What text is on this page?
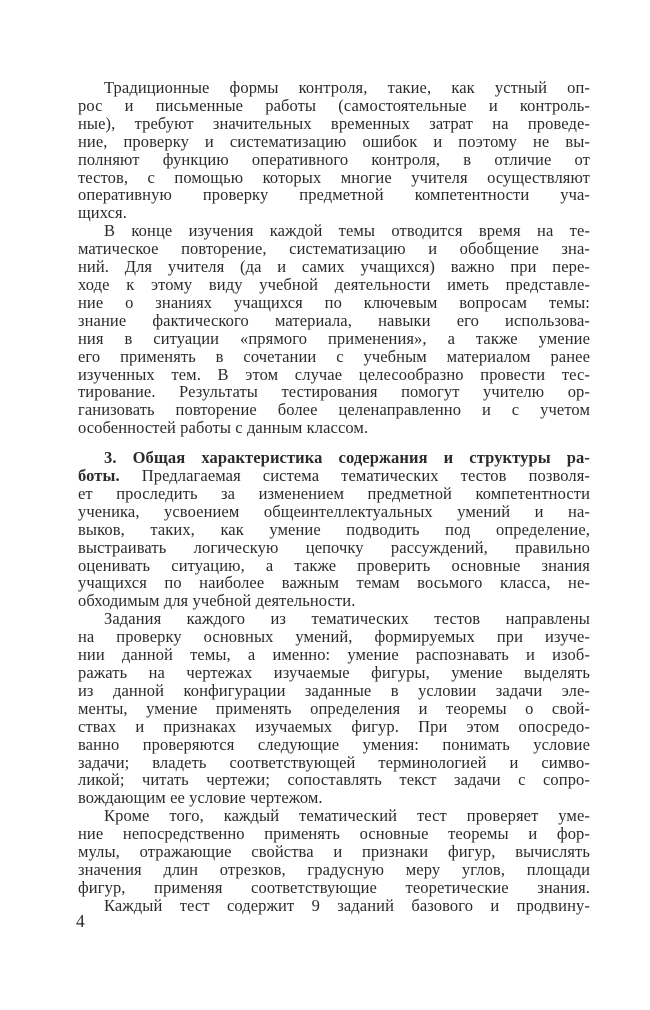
Традиционные формы контроля, такие, как устный оп-
рос и письменные работы (самостоятельные и контроль-
ные), требуют значительных временных затрат на проведе-
ние, проверку и систематизацию ошибок и поэтому не вы-
полняют функцию оперативного контроля, в отличие от
тестов, с помощью которых многие учителя осуществляют
оперативную проверку предметной компетентности уча-
щихся.
В конце изучения каждой темы отводится время на те-
матическое повторение, систематизацию и обобщение зна-
ний. Для учителя (да и самих учащихся) важно при пере-
ходе к этому виду учебной деятельности иметь представле-
ние о знаниях учащихся по ключевым вопросам темы:
знание фактического материала, навыки его использова-
ния в ситуации «прямого применения», а также умение
его применять в сочетании с учебным материалом ранее
изученных тем. В этом случае целесообразно провести тес-
тирование. Результаты тестирования помогут учителю ор-
ганизовать повторение более целенаправленно и с учетом
особенностей работы с данным классом.
3. Общая характеристика содержания и структуры ра-
боты. Предлагаемая система тематических тестов позволя-
ет проследить за изменением предметной компетентности
ученика, усвоением общеинтеллектуальных умений и на-
выков, таких, как умение подводить под определение,
выстраивать логическую цепочку рассуждений, правильно
оценивать ситуацию, а также проверить основные знания
учащихся по наиболее важным темам восьмого класса, не-
обходимым для учебной деятельности.
Задания каждого из тематических тестов направлены
на проверку основных умений, формируемых при изуче-
нии данной темы, а именно: умение распознавать и изоб-
ражать на чертежах изучаемые фигуры, умение выделять
из данной конфигурации заданные в условии задачи эле-
менты, умение применять определения и теоремы о свой-
ствах и признаках изучаемых фигур. При этом опосредо-
ванно проверяются следующие умения: понимать условие
задачи; владеть соответствующей терминологией и симво-
ликой; читать чертежи; сопоставлять текст задачи с сопро-
вождающим ее условие чертежом.
Кроме того, каждый тематический тест проверяет уме-
ние непосредственно применять основные теоремы и фор-
мулы, отражающие свойства и признаки фигур, вычислять
значения длин отрезков, градусную меру углов, площади
фигур, применяя соответствующие теоретические знания.
Каждый тест содержит 9 заданий базового и продвину-
4
